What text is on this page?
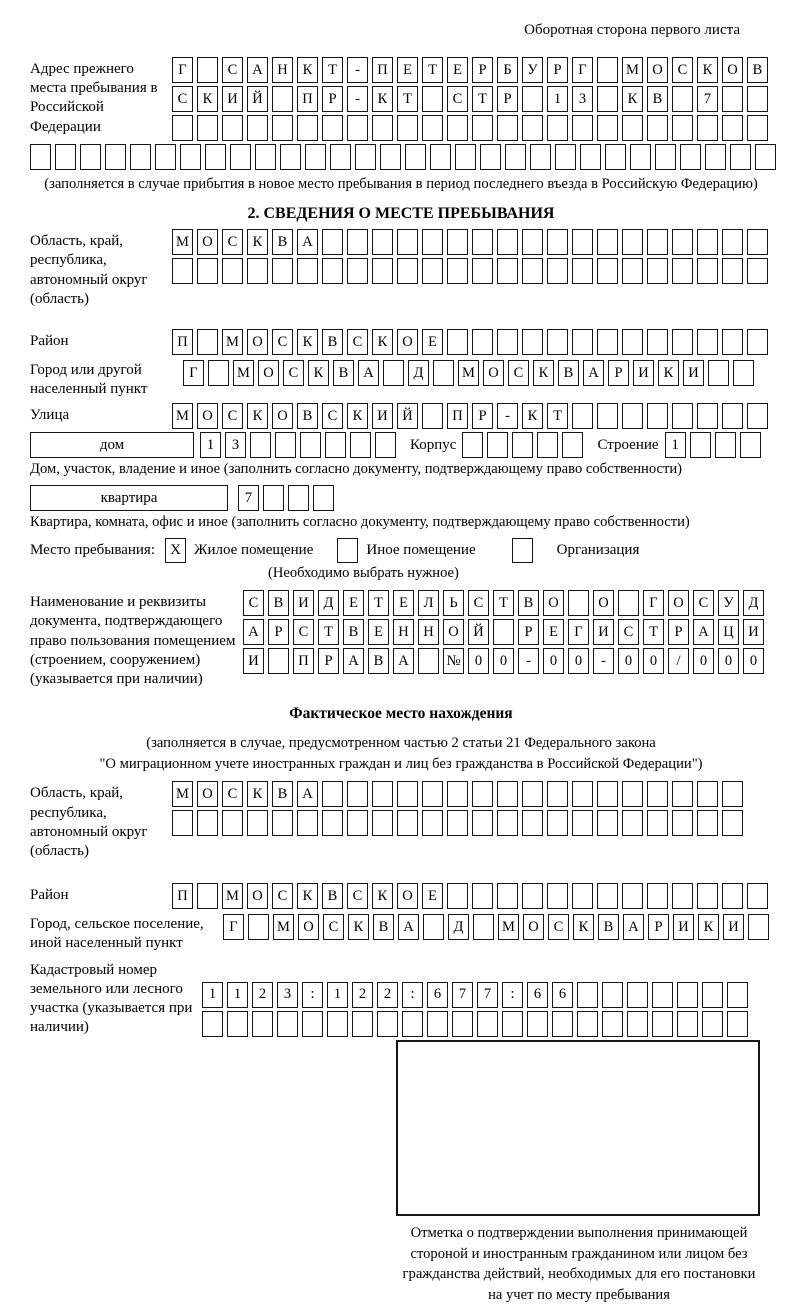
Оборотная сторона первого листа
Адрес прежнего места пребывания в Российской Федерации
Г	С	А	Н	К	Т	-	П	Е	Т	Е	Р	Б	У	Р	Г	М О	С	К	О	В
С	К	И	Й	П	Р	-	К	Т	С	Т	Р	1	3	К	В	7
(заполняется в случае прибытия в новое место пребывания в период последнего въезда в Российскую Федерацию)
2. СВЕДЕНИЯ О МЕСТЕ ПРЕБЫВАНИЯ
Область, край, республика, автономный округ (область)
М О	С	К	В	А
Район	П	М О	С	К	В	С	К	О	Е
Город или другой населенный пункт
Г	М О	С	К	В	А	Д	М О	С	К	В	А	Р	И	К	И
Улица	М О	С	К	О	В	С	К	И	Й	П	Р	-	К	Т
дом	1	3	Корпус	Строение 1
Дом, участок, владение и иное (заполнить согласно документу, подтверждающему право собственности)
квартира	7
Квартира, комната, офис и иное (заполнить согласно документу, подтверждающему право собственности)
Место пребывания:	X Жилое помещение	Иное помещение	Организация
(Необходимо выбрать нужное)
Наименование и реквизиты документа, подтверждающего право пользования помещением (строением, сооружением) (указывается при наличии)
С	В	И	Д	Е	Т	Е	Л	Ь	С	Т	В	О	О	Г	О	С	У	Д
А	Р	С	Т	В	Е	Н	Н	О	Й	Р	Е	Г	И	С	Т	Р	А	Ц	И
И	П	Р	А	В	А	№ 0	0	-	0	0	-	0	0	/	0	0	0
Фактическое место нахождения
(заполняется в случае, предусмотренном частью 2 статьи 21 Федерального закона
"О миграционном учете иностранных граждан и лиц без гражданства в Российской Федерации")
Область, край, республика, автономный округ (область)
М О	С	К	В	А
Район	П	М О	С	К	В	С	К	О	Е
Город, сельское поселение, иной населенный пункт
Г	М О	С	К	В	А	Д	М О	С	К	В	А	Р	И	К	И
Кадастровый номер земельного или лесного участка (указывается при наличии)
1	1	2	3	:	1	2	2	:	6	7	7	:	6	6
Отметка о подтверждении выполнения принимающей стороной и иностранным гражданином или лицом без гражданства действий, необходимых для его постановки на учет по месту пребывания
